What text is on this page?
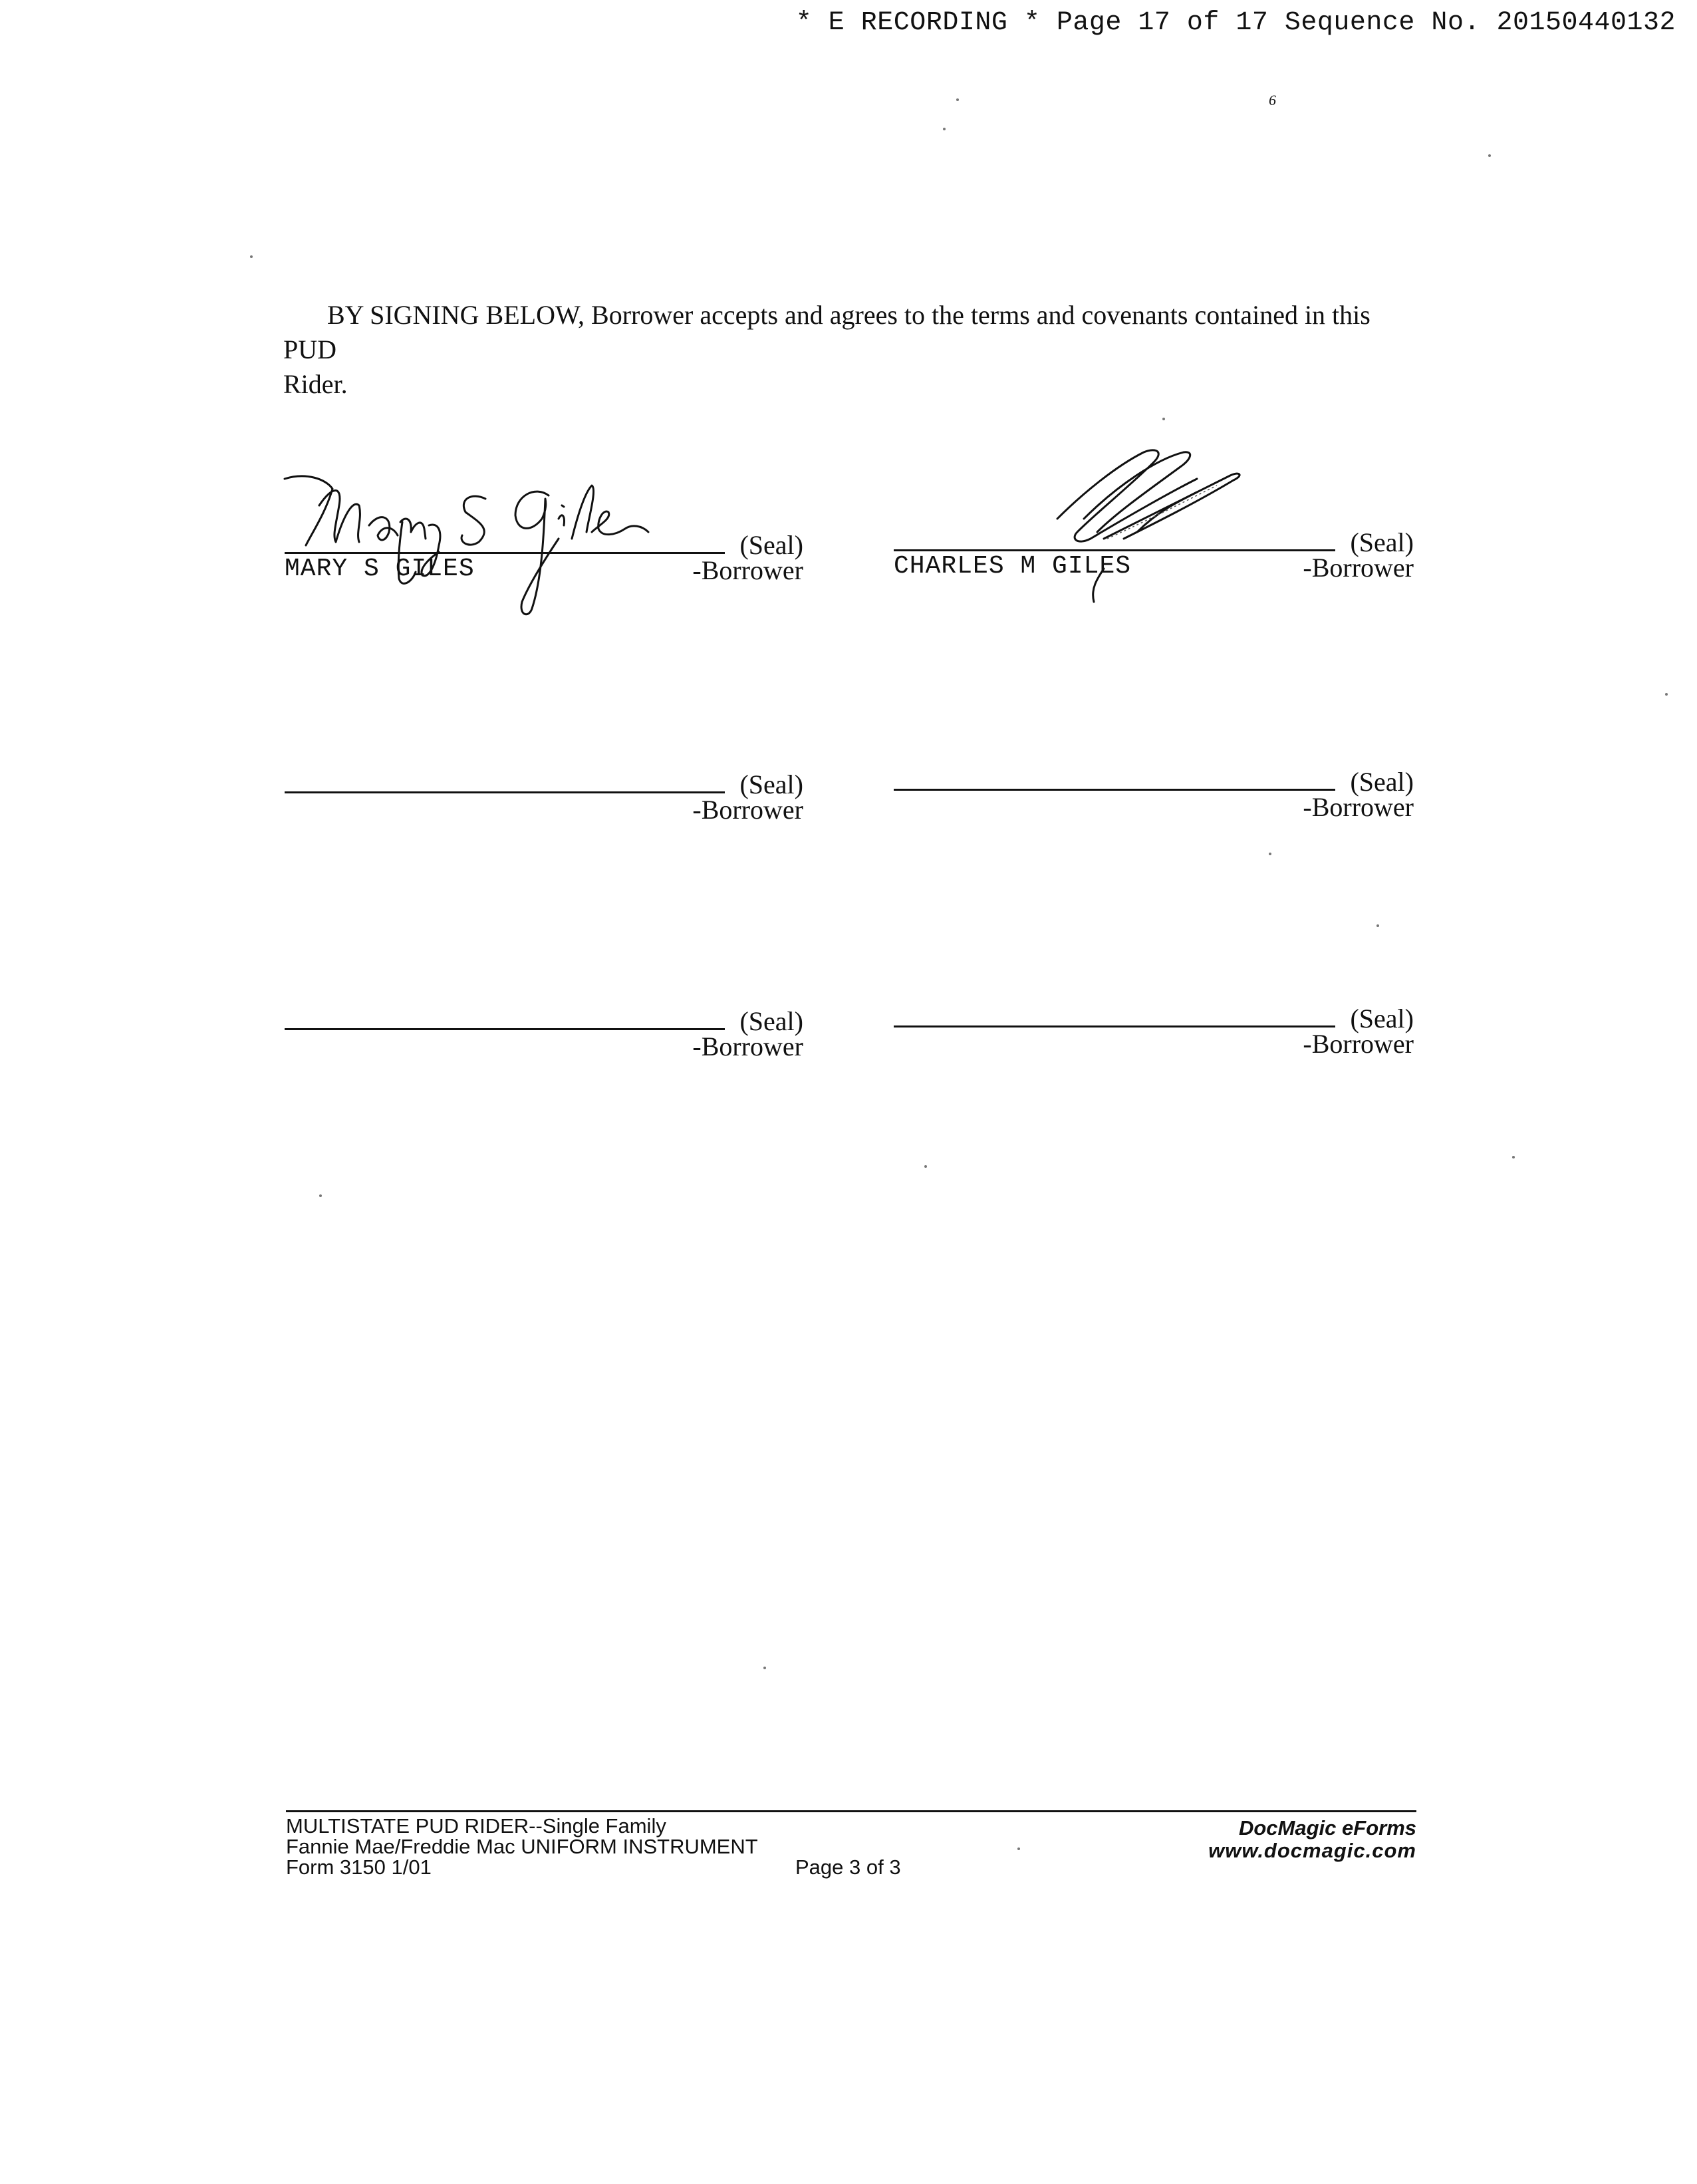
* E RECORDING * Page 17 of 17 Sequence No. 20150440132
6
BY SIGNING BELOW, Borrower accepts and agrees to the terms and covenants contained in this PUD
Rider.
(Seal)
MARY S GILES	-Borrower
(Seal)
CHARLES M GILES	-Borrower
(Seal)
-Borrower
(Seal)
-Borrower
(Seal)
-Borrower
(Seal)
-Borrower
MULTISTATE PUD RIDER--Single Family
Fannie Mae/Freddie Mac UNIFORM INSTRUMENT
Form 3150 1/01	Page 3 of 3
DocMagic eForms
www.docmagic.com
